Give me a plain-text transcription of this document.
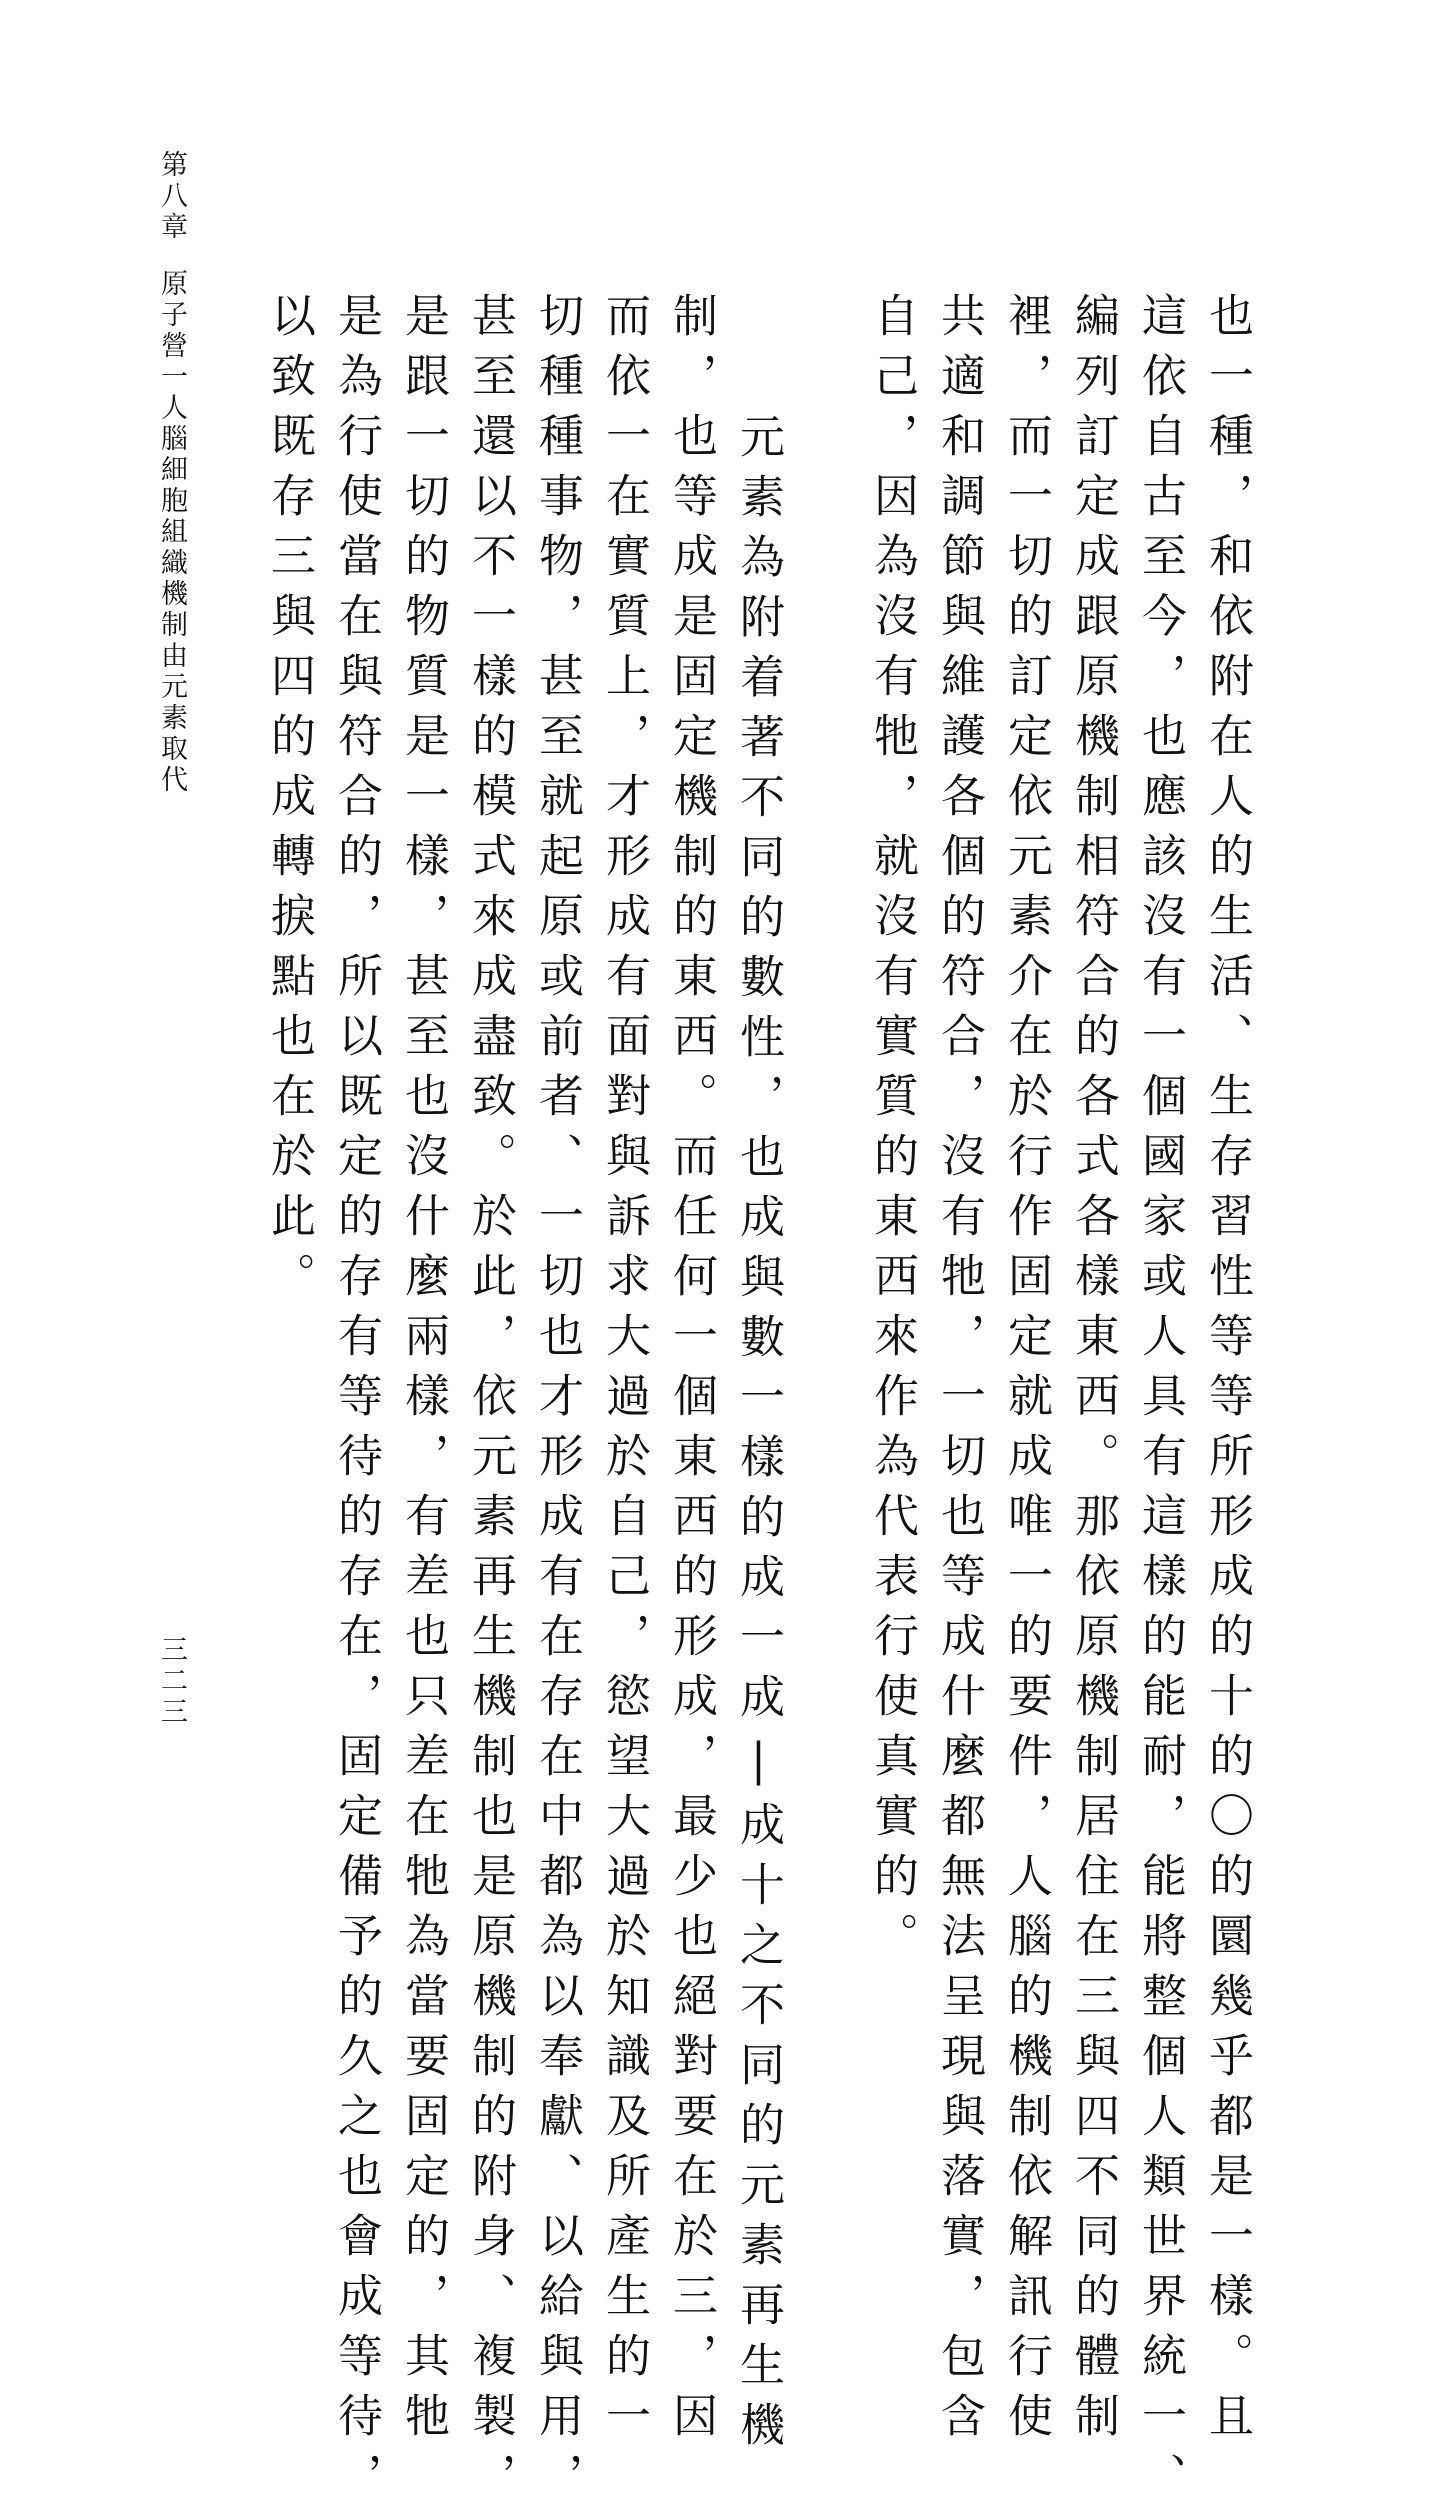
第八章原子營一人腦細胞組織機制由元素取代
三二三	也一種，和依附在人的生活、生存習性等等所形成的十的〇的圜幾乎都是一樣。且
這依自古至今，也應該沒有一個國家或人具有這樣的能耐，能將整個人類世界統一、
編列訂定成跟原機制相符合的各式各樣東西。那依原機制居住在三與四不同的體制
裡，而一切的訂定依元素介在於行作固定就成唯一的要件，人腦的機制依解訊行使
共適和調節與維護各個的符合，沒有牠，一切也等成什麼都無法呈現與落實，包含
自己，因為沒有牠，就沒有實質的東西來作為代表行使真實的。
元素為附着著不同的數性，也成與數一樣的成一成|成十之不同的元素再生機
制，也等成是固定機制的東西。而任何一個東西的形成，最少也絕對要在於三，因
而依一在實質上，才形成有面對與訴求大過於自己，慾望大過於知識及所產生的一
切種種事物，甚至就起原或前者、一切也才形成有在存在中都為以奉獻、以給與用，
甚至還以不一樣的模式來成盡致。於此，依元素再生機制也是原機制的附身、複製，
是跟一切的物質是一樣，甚至也沒什麼兩樣，有差也只差在牠為當要固定的，其牠
是為行使當在與符合的，所以既定的存有等待的存在，固定備予的久之也會成等待，
以致既存三與四的成轉捩點也在於此。
